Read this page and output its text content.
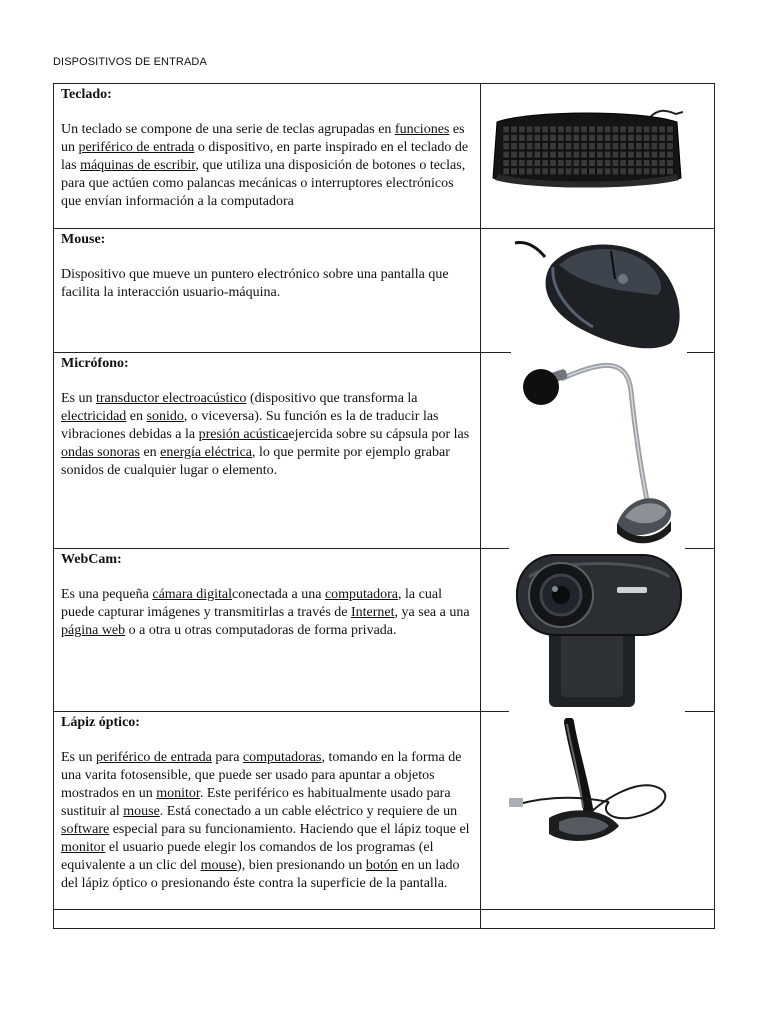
DISPOSITIVOS DE ENTRADA

Teclado:

Un teclado se compone de una serie de teclas agrupadas en funciones es un periférico de entrada o dispositivo, en parte inspirado en el teclado de las máquinas de escribir, que utiliza una disposición de botones o teclas, para que actúen como palancas mecánicas o interruptores electrónicos que envían información a la computadora

Mouse:

Dispositivo que mueve un puntero electrónico sobre una pantalla que facilita la interacción usuario-máquina.

Micrófono:

Es un transductor electroacústico (dispositivo que transforma la electricidad en sonido, o viceversa). Su función es la de traducir las vibraciones debidas a la presión acústicaejercida sobre su cápsula por las ondas sonoras en energía eléctrica, lo que permite por ejemplo grabar sonidos de cualquier lugar o elemento.

WebCam:

Es una pequeña cámara digitalconectada a una computadora, la cual puede capturar imágenes y transmitirlas a través de Internet, ya sea a una página web o a otra u otras computadoras de forma privada.

Lápiz óptico:

Es un periférico de entrada para computadoras, tomando en la forma de una varita fotosensible, que puede ser usado para apuntar a objetos mostrados en un monitor. Este periférico es habitualmente usado para sustituir al mouse. Está conectado a un cable eléctrico y requiere de un software especial para su funcionamiento. Haciendo que el lápiz toque el monitor el usuario puede elegir los comandos de los programas (el equivalente a un clic del mouse), bien presionando un botón en un lado del lápiz óptico o presionando éste contra la superficie de la pantalla.
